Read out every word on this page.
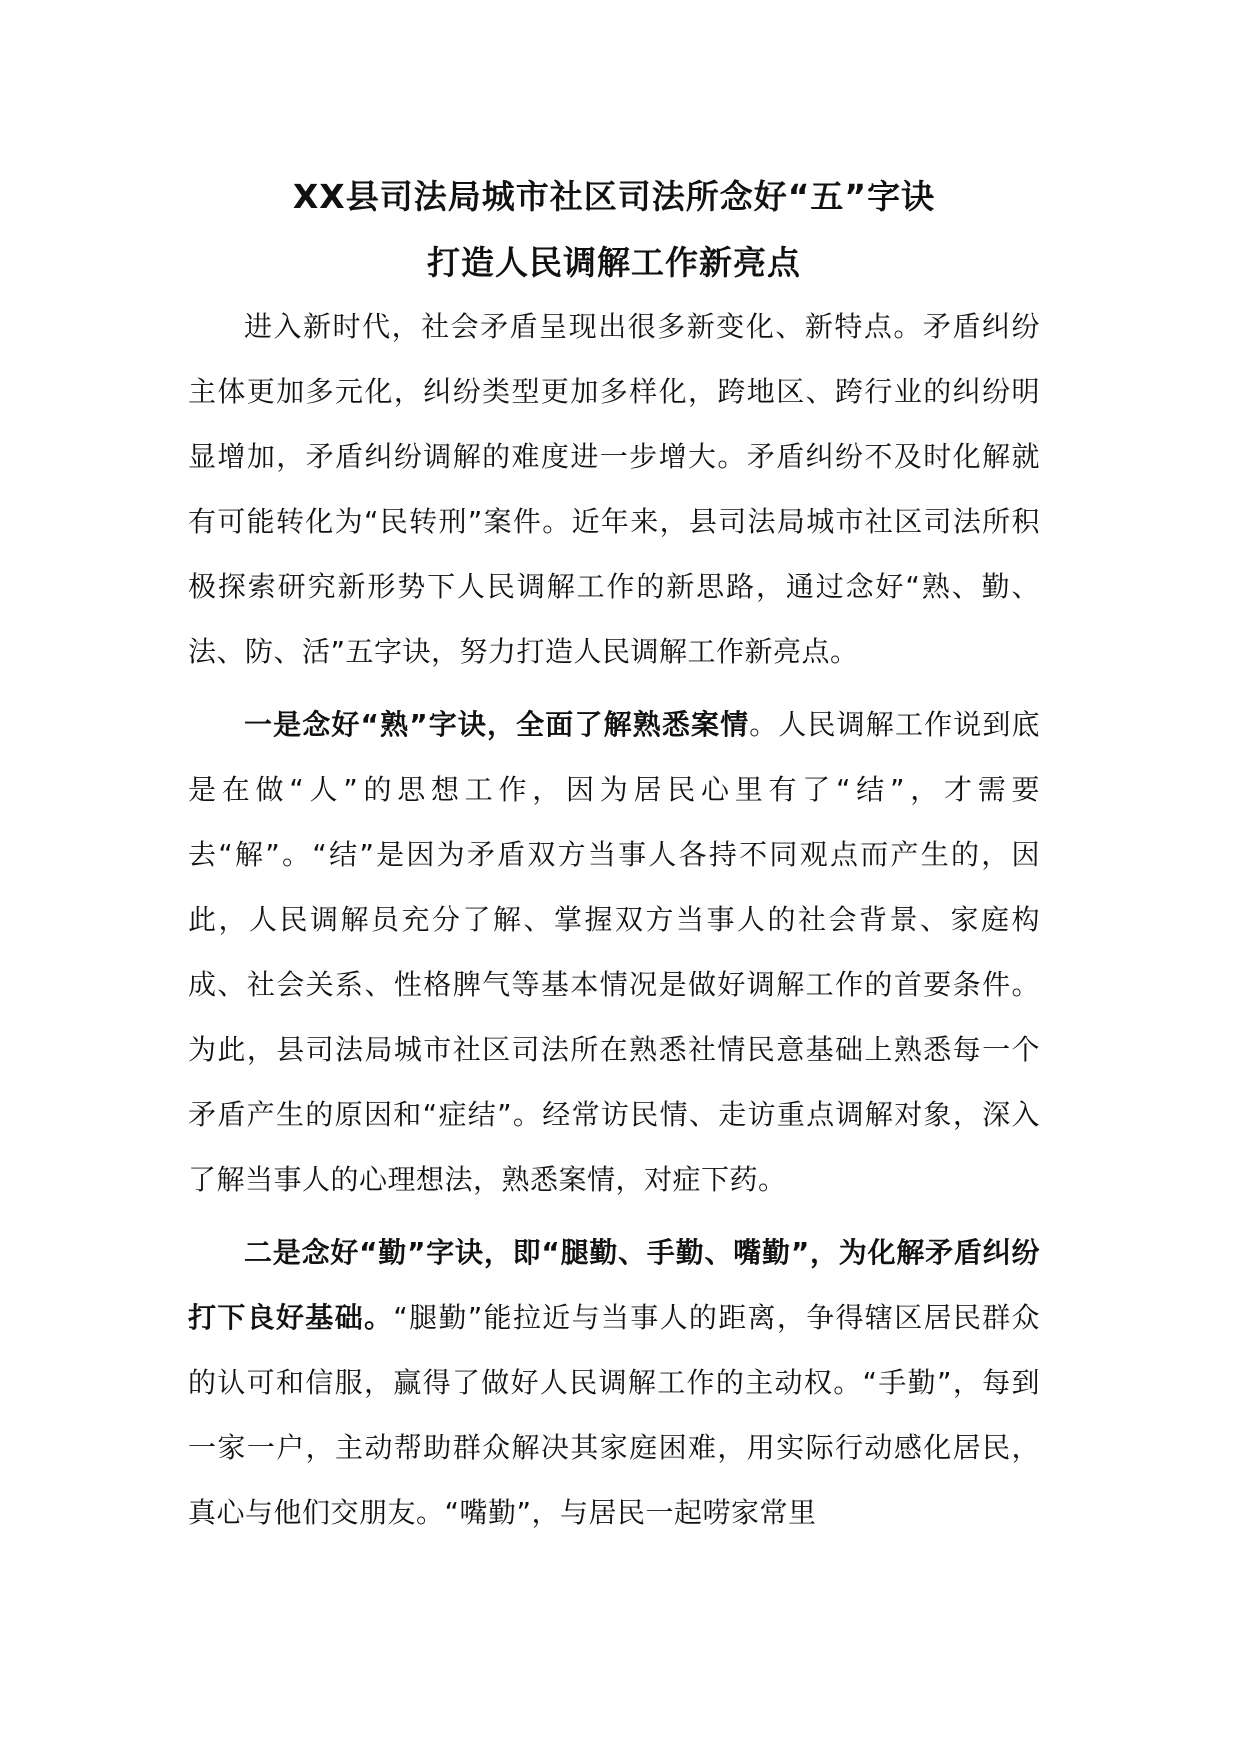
XX县司法局城市社区司法所念好“五”字诀
打造人民调解工作新亮点

进入新时代，社会矛盾呈现出很多新变化、新特点。矛盾纠纷主体更加多元化，纠纷类型更加多样化，跨地区、跨行业的纠纷明显增加，矛盾纠纷调解的难度进一步增大。矛盾纠纷不及时化解就有可能转化为“民转刑”案件。近年来，县司法局城市社区司法所积极探索研究新形势下人民调解工作的新思路，通过念好“熟、勤、法、防、活”五字诀，努力打造人民调解工作新亮点。

一是念好“熟”字诀，全面了解熟悉案情。人民调解工作说到底是在做“人”的思想工作，因为居民心里有了“结”，才需要去“解”。“结”是因为矛盾双方当事人各持不同观点而产生的，因此，人民调解员充分了解、掌握双方当事人的社会背景、家庭构成、社会关系、性格脾气等基本情况是做好调解工作的首要条件。为此，县司法局城市社区司法所在熟悉社情民意基础上熟悉每一个矛盾产生的原因和“症结”。经常访民情、走访重点调解对象，深入了解当事人的心理想法，熟悉案情，对症下药。

二是念好“勤”字诀，即“腿勤、手勤、嘴勤”，为化解矛盾纠纷打下良好基础。“腿勤”能拉近与当事人的距离，争得辖区居民群众的认可和信服，赢得了做好人民调解工作的主动权。“手勤”，每到一家一户，主动帮助群众解决其家庭困难，用实际行动感化居民，真心与他们交朋友。“嘴勤”，与居民一起唠家常里
